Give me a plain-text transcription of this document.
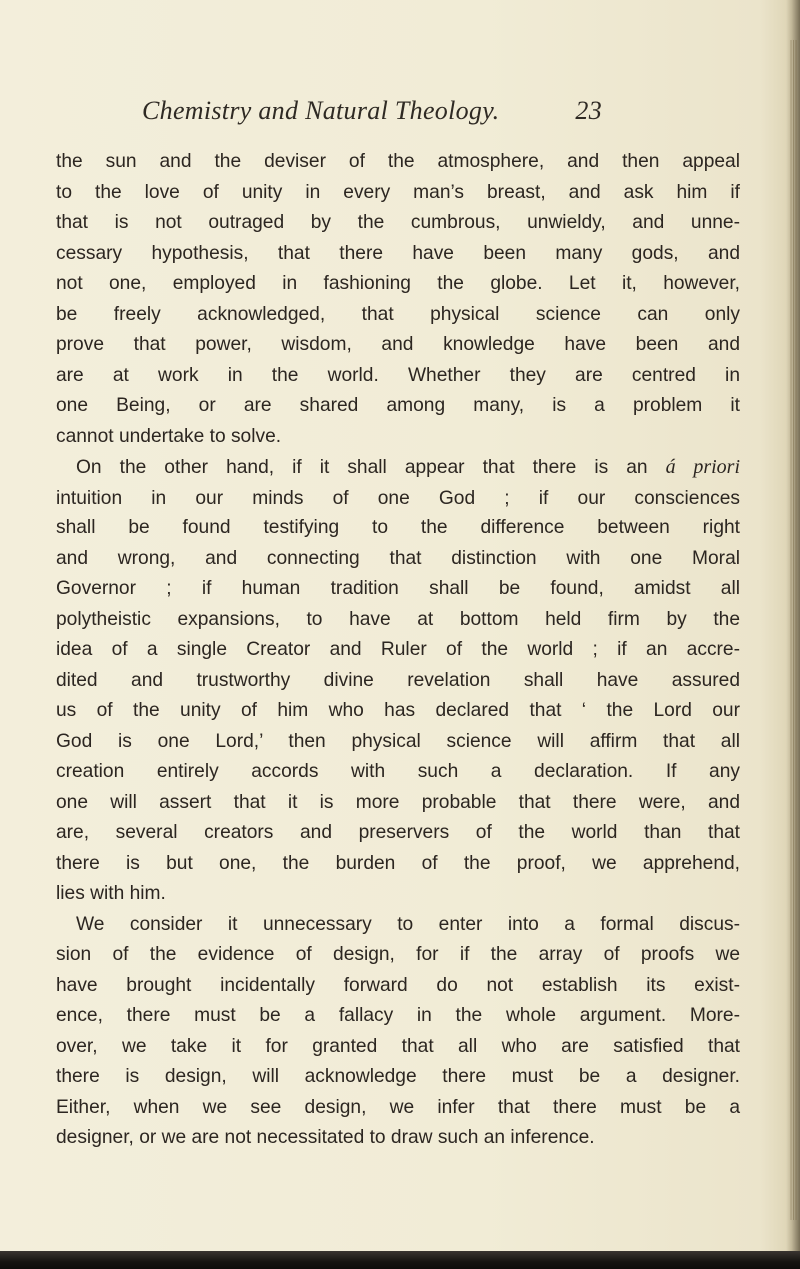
Chemistry and Natural Theology.	23
the sun and the deviser of the atmosphere, and then appeal
to the love of unity in every man’s breast, and ask him if
that is not outraged by the cumbrous, unwieldy, and unne-
cessary hypothesis, that there have been many gods, and
not one, employed in fashioning the globe. Let it, however,
be freely acknowledged, that physical science can only
prove that power, wisdom, and knowledge have been and
are at work in the world. Whether they are centred in
one Being, or are shared among many, is a problem it
cannot undertake to solve.
On the other hand, if it shall appear that there is an á priori
intuition in our minds of one God ; if our consciences
shall be found testifying to the difference between right
and wrong, and connecting that distinction with one Moral
Governor ; if human tradition shall be found, amidst all
polytheistic expansions, to have at bottom held firm by the
idea of a single Creator and Ruler of the world ; if an accre-
dited and trustworthy divine revelation shall have assured
us of the unity of him who has declared that ‘ the Lord our
God is one Lord,’ then physical science will affirm that all
creation entirely accords with such a declaration. If any
one will assert that it is more probable that there were, and
are, several creators and preservers of the world than that
there is but one, the burden of the proof, we apprehend,
lies with him.
We consider it unnecessary to enter into a formal discus-
sion of the evidence of design, for if the array of proofs we
have brought incidentally forward do not establish its exist-
ence, there must be a fallacy in the whole argument. More-
over, we take it for granted that all who are satisfied that
there is design, will acknowledge there must be a designer.
Either, when we see design, we infer that there must be a
designer, or we are not necessitated to draw such an inference.
